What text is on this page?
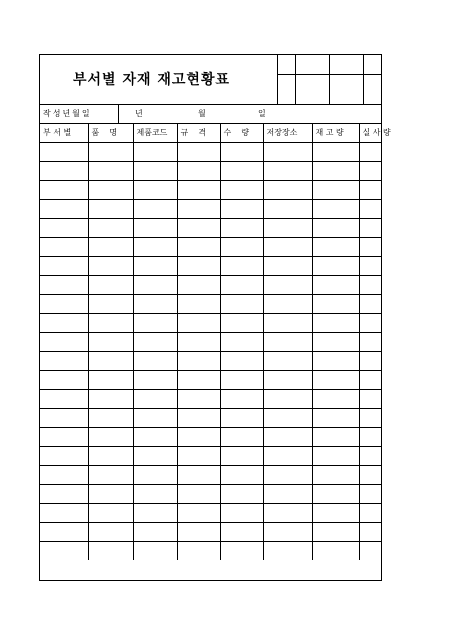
부서별 자재 재고현황표

작성년월일	년	월	일
부 서 별	품    명	제품코드	규    격	수    량	저장장소	재 고 량	실 사 량
